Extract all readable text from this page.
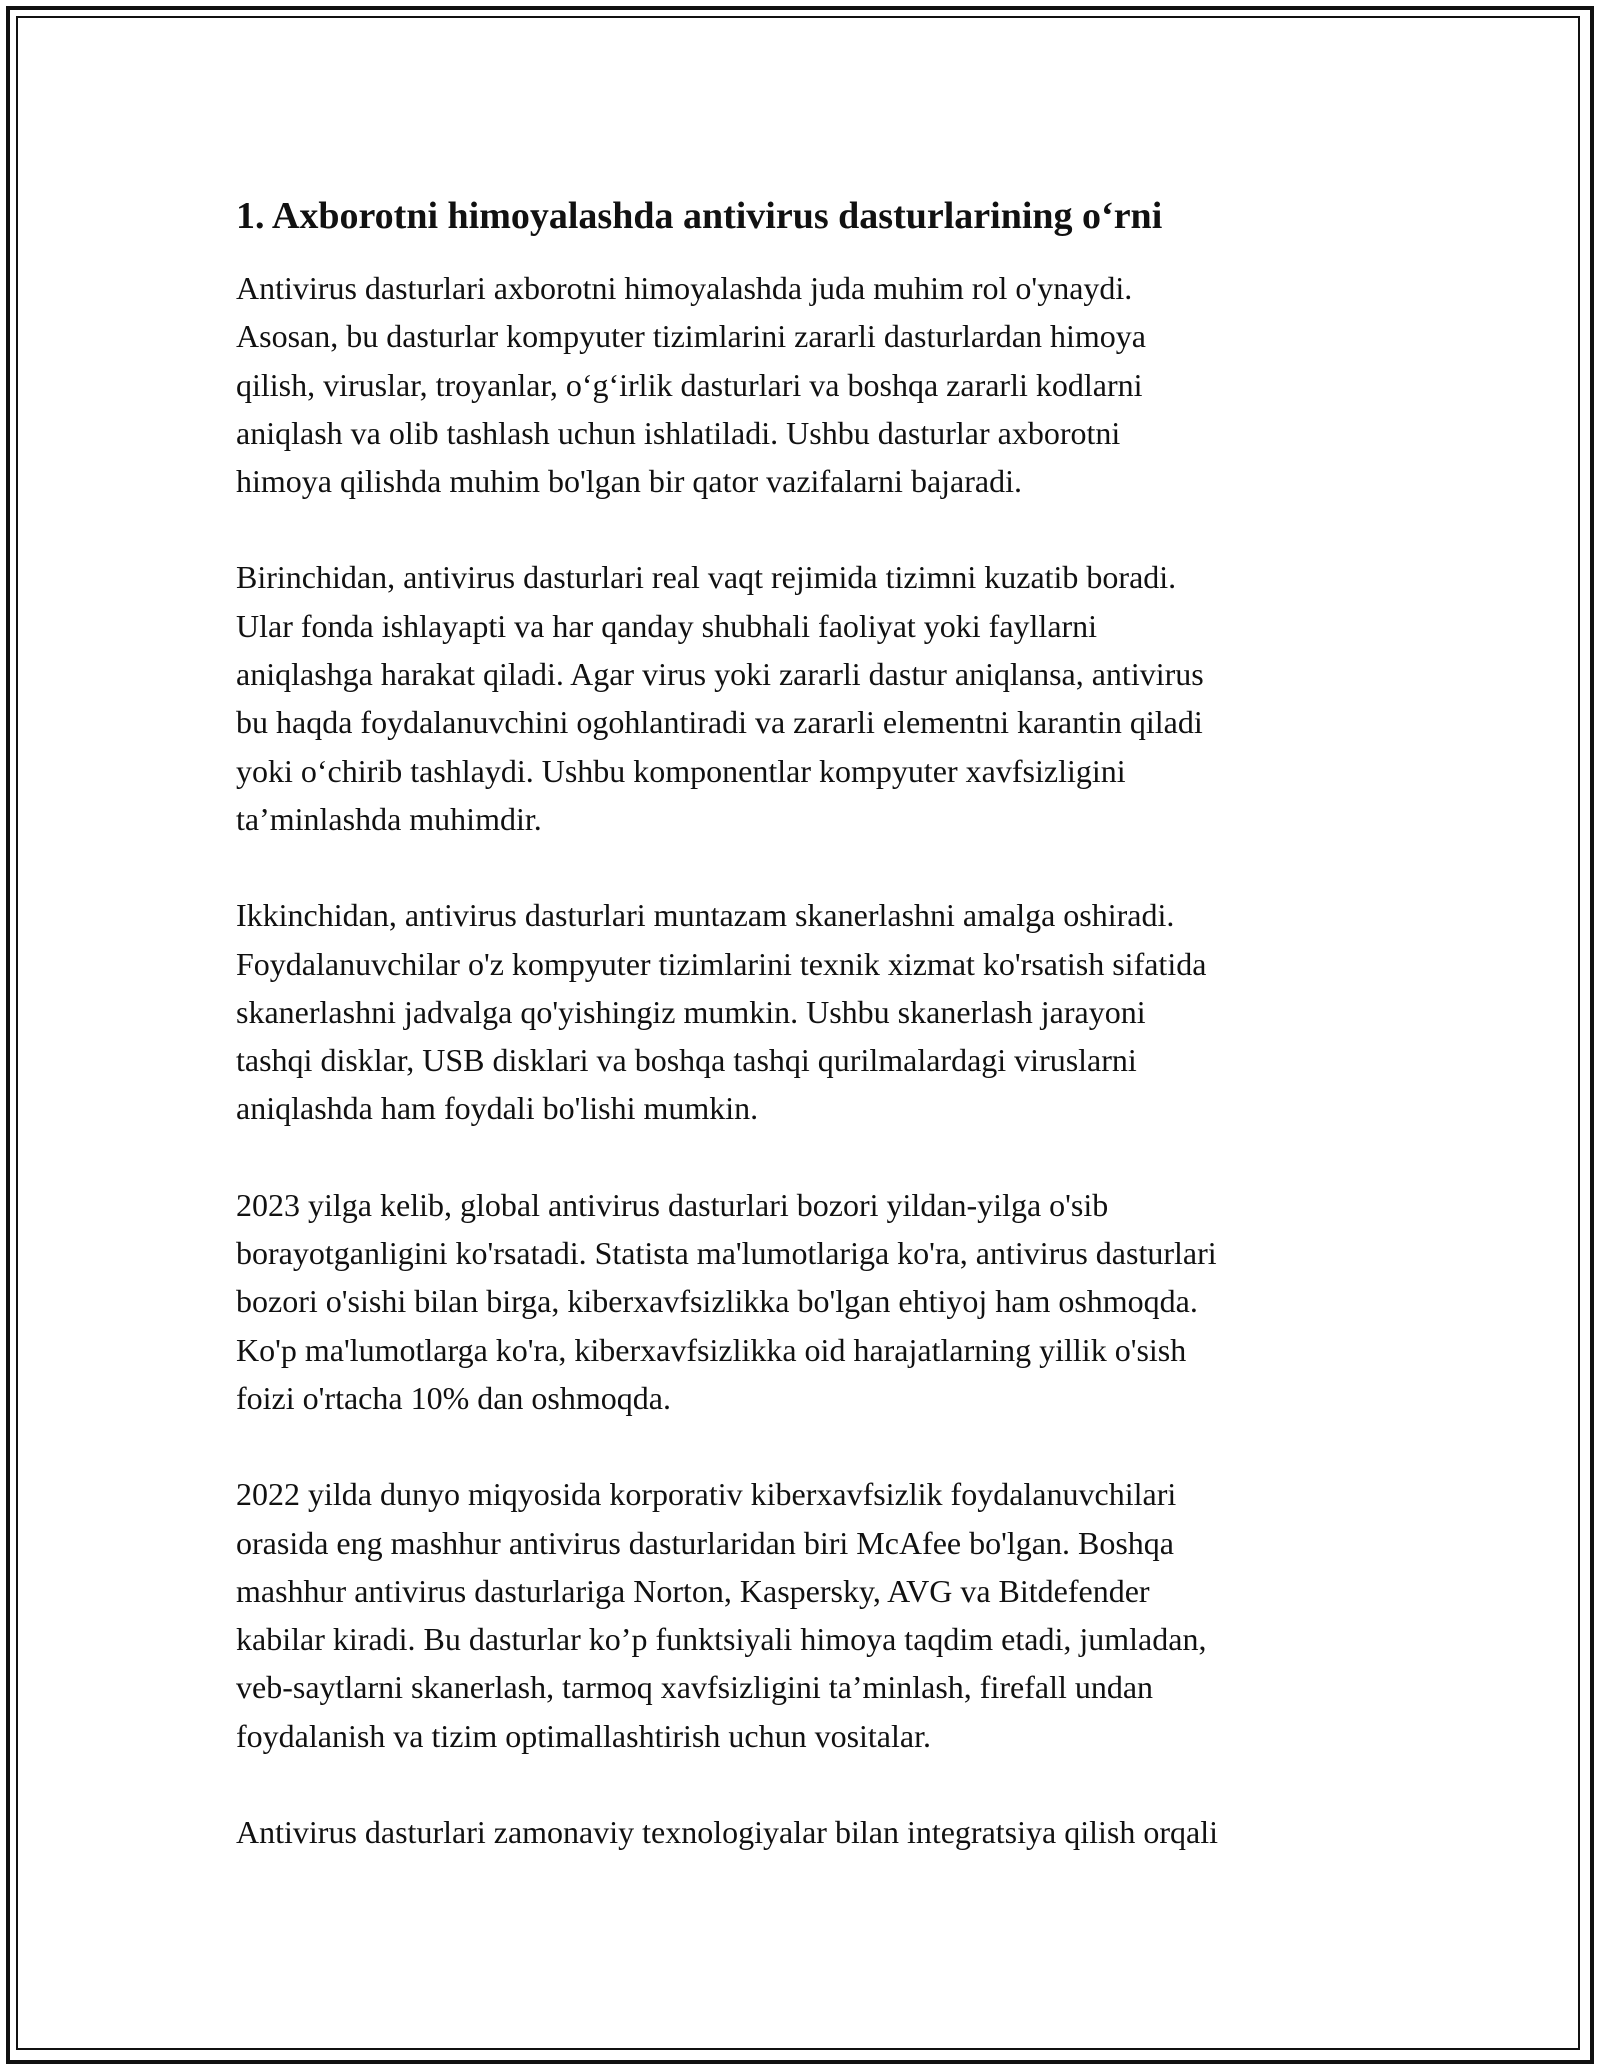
1. Axborotni himoyalashda antivirus dasturlarining o‘rni

Antivirus dasturlari axborotni himoyalashda juda muhim rol o'ynaydi.
Asosan, bu dasturlar kompyuter tizimlarini zararli dasturlardan himoya
qilish, viruslar, troyanlar, o‘g‘irlik dasturlari va boshqa zararli kodlarni
aniqlash va olib tashlash uchun ishlatiladi. Ushbu dasturlar axborotni
himoya qilishda muhim bo'lgan bir qator vazifalarni bajaradi.

Birinchidan, antivirus dasturlari real vaqt rejimida tizimni kuzatib boradi.
Ular fonda ishlayapti va har qanday shubhali faoliyat yoki fayllarni
aniqlashga harakat qiladi. Agar virus yoki zararli dastur aniqlansa, antivirus
bu haqda foydalanuvchini ogohlantiradi va zararli elementni karantin qiladi
yoki o‘chirib tashlaydi. Ushbu komponentlar kompyuter xavfsizligini
ta’minlashda muhimdir.

Ikkinchidan, antivirus dasturlari muntazam skanerlashni amalga oshiradi.
Foydalanuvchilar o'z kompyuter tizimlarini texnik xizmat ko'rsatish sifatida
skanerlashni jadvalga qo'yishingiz mumkin. Ushbu skanerlash jarayoni
tashqi disklar, USB disklari va boshqa tashqi qurilmalardagi viruslarni
aniqlashda ham foydali bo'lishi mumkin.

2023 yilga kelib, global antivirus dasturlari bozori yildan-yilga o'sib
borayotganligini ko'rsatadi. Statista ma'lumotlariga ko'ra, antivirus dasturlari
bozori o'sishi bilan birga, kiberxavfsizlikka bo'lgan ehtiyoj ham oshmoqda.
Ko'p ma'lumotlarga ko'ra, kiberxavfsizlikka oid harajatlarning yillik o'sish
foizi o'rtacha 10% dan oshmoqda.

2022 yilda dunyo miqyosida korporativ kiberxavfsizlik foydalanuvchilari
orasida eng mashhur antivirus dasturlaridan biri McAfee bo'lgan. Boshqa
mashhur antivirus dasturlariga Norton, Kaspersky, AVG va Bitdefender
kabilar kiradi. Bu dasturlar ko’p funktsiyali himoya taqdim etadi, jumladan,
veb-saytlarni skanerlash, tarmoq xavfsizligini ta’minlash, firefall undan
foydalanish va tizim optimallashtirish uchun vositalar.

Antivirus dasturlari zamonaviy texnologiyalar bilan integratsiya qilish orqali
